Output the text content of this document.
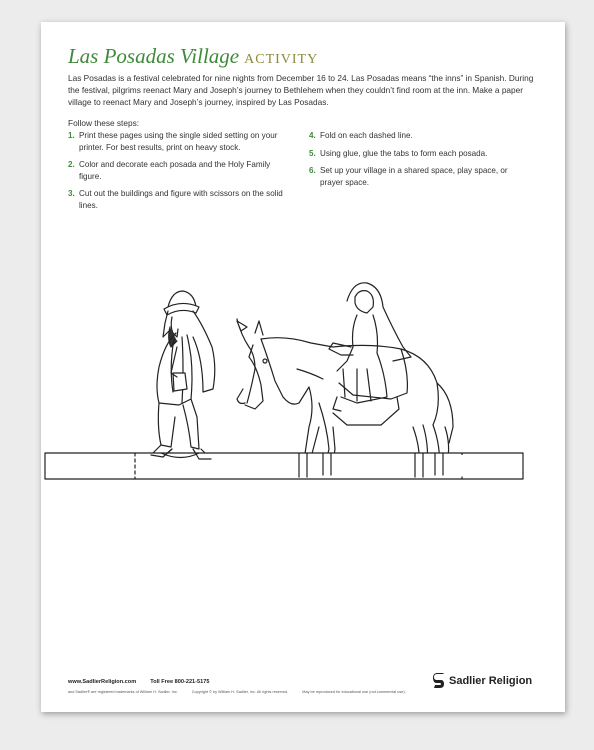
Las Posadas Village ACTIVITY
Las Posadas is a festival celebrated for nine nights from December 16 to 24. Las Posadas means “the inns” in Spanish. During the festival, pilgrims reenact Mary and Joseph’s journey to Bethlehem when they couldn’t find room at the inn. Make a paper village to reenact Mary and Joseph’s journey, inspired by Las Posadas.
Follow these steps:
1. Print these pages using the single sided setting on your printer. For best results, print on heavy stock.
2. Color and decorate each posada and the Holy Family figure.
3. Cut out the buildings and figure with scissors on the solid lines.
4. Fold on each dashed line.
5. Using glue, glue the tabs to form each posada.
6. Set up your village in a shared space, play space, or prayer space.
www.SadlierReligion.com	Toll Free 800-221-5175
and Sadlier® are registered trademarks of William H. Sadlier, Inc.	Copyright © by William H. Sadlier, Inc. All rights reserved.	May be reproduced for educational use (not commercial use).
Sadlier Religion
